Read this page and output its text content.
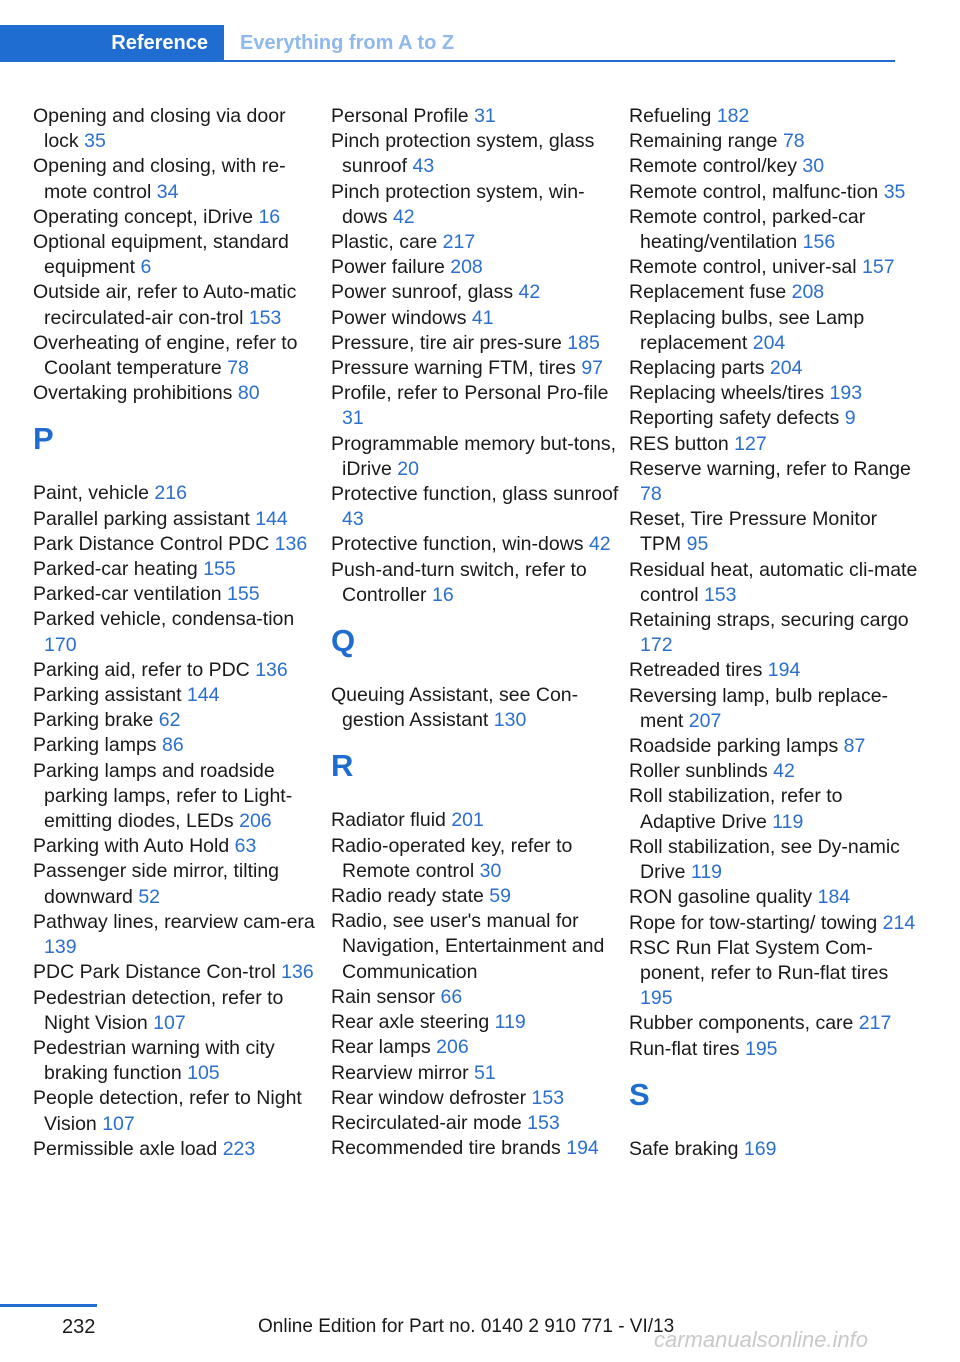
Reference	Everything from A to Z
Opening and closing via door lock 35
Opening and closing, with re‐mote control 34
Operating concept, iDrive 16
Optional equipment, standard equipment 6
Outside air, refer to Auto‐matic recirculated-air con‐trol 153
Overheating of engine, refer to Coolant temperature 78
Overtaking prohibitions 80
P
Paint, vehicle 216
Parallel parking assistant 144
Park Distance Control PDC 136
Parked-car heating 155
Parked-car ventilation 155
Parked vehicle, condensa‐tion 170
Parking aid, refer to PDC 136
Parking assistant 144
Parking brake 62
Parking lamps 86
Parking lamps and roadside parking lamps, refer to Light-emitting diodes, LEDs 206
Parking with Auto Hold 63
Passenger side mirror, tilting downward 52
Pathway lines, rearview cam‐era 139
PDC Park Distance Con‐trol 136
Pedestrian detection, refer to Night Vision 107
Pedestrian warning with city braking function 105
People detection, refer to Night Vision 107
Permissible axle load 223
Personal Profile 31
Pinch protection system, glass sunroof 43
Pinch protection system, win‐dows 42
Plastic, care 217
Power failure 208
Power sunroof, glass 42
Power windows 41
Pressure, tire air pres‐sure 185
Pressure warning FTM, tires 97
Profile, refer to Personal Pro‐file 31
Programmable memory but‐tons, iDrive 20
Protective function, glass sunroof 43
Protective function, win‐dows 42
Push-and-turn switch, refer to Controller 16
Q
Queuing Assistant, see Con‐gestion Assistant 130
R
Radiator fluid 201
Radio-operated key, refer to Remote control 30
Radio ready state 59
Radio, see user's manual for Navigation, Entertainment and Communication
Rain sensor 66
Rear axle steering 119
Rear lamps 206
Rearview mirror 51
Rear window defroster 153
Recirculated-air mode 153
Recommended tire brands 194
Refueling 182
Remaining range 78
Remote control/key 30
Remote control, malfunc‐tion 35
Remote control, parked-car heating/ventilation 156
Remote control, univer‐sal 157
Replacement fuse 208
Replacing bulbs, see Lamp replacement 204
Replacing parts 204
Replacing wheels/tires 193
Reporting safety defects 9
RES button 127
Reserve warning, refer to Range 78
Reset, Tire Pressure Monitor TPM 95
Residual heat, automatic cli‐mate control 153
Retaining straps, securing cargo 172
Retreaded tires 194
Reversing lamp, bulb replace‐ment 207
Roadside parking lamps 87
Roller sunblinds 42
Roll stabilization, refer to Adaptive Drive 119
Roll stabilization, see Dy‐namic Drive 119
RON gasoline quality 184
Rope for tow-starting/ towing 214
RSC Run Flat System Com‐ponent, refer to Run-flat tires 195
Rubber components, care 217
Run-flat tires 195
S
Safe braking 169
232	Online Edition for Part no. 0140 2 910 771 - VI/13
carmanualsonline.info
